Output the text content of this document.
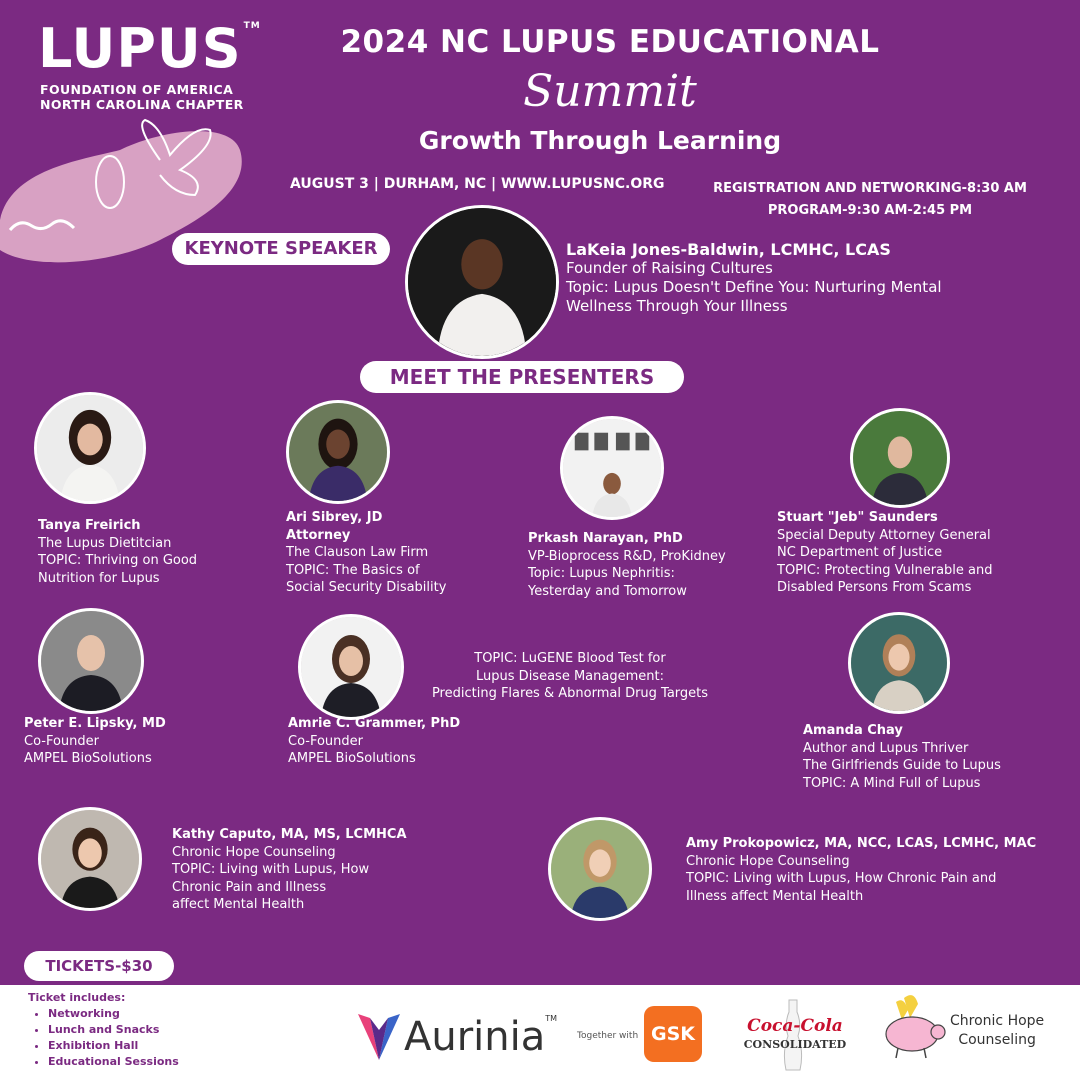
LUPUS ™
FOUNDATION OF AMERICA
NORTH CAROLINA CHAPTER
2024 NC LUPUS EDUCATIONAL
Summit
Growth Through Learning
AUGUST 3 | DURHAM, NC | WWW.LUPUSNC.ORG	REGISTRATION AND NETWORKING-8:30 AM
PROGRAM-9:30 AM-2:45 PM
KEYNOTE SPEAKER	LaKeia Jones-Baldwin, LCMHC, LCAS
Founder of Raising Cultures
Topic: Lupus Doesn't Define You: Nurturing Mental
Wellness Through Your Illness
MEET THE PRESENTERS
Tanya Freirich
The Lupus Dietitcian
TOPIC: Thriving on Good
Nutrition for Lupus
Ari Sibrey, JD
Attorney
The Clauson Law Firm
TOPIC: The Basics of
Social Security Disability
Prkash Narayan, PhD
VP-Bioprocess R&D, ProKidney
Topic: Lupus Nephritis:
Yesterday and Tomorrow
Stuart "Jeb" Saunders
Special Deputy Attorney General
NC Department of Justice
TOPIC: Protecting Vulnerable and
Disabled Persons From Scams
Peter E. Lipsky, MD
Co-Founder
AMPEL BioSolutions
Amrie C. Grammer, PhD
Co-Founder
AMPEL BioSolutions
TOPIC: LuGENE Blood Test for
Lupus Disease Management:
Predicting Flares & Abnormal Drug Targets
Amanda Chay
Author and Lupus Thriver
The Girlfriends Guide to Lupus
TOPIC: A Mind Full of Lupus
Kathy Caputo, MA, MS, LCMHCA
Chronic Hope Counseling
TOPIC: Living with Lupus, How
Chronic Pain and Illness
affect Mental Health
Amy Prokopowicz, MA, NCC, LCAS, LCMHC, MAC
Chronic Hope Counseling
TOPIC: Living with Lupus, How Chronic Pain and
Illness affect Mental Health
TICKETS-$30
Ticket includes:
• Networking
• Lunch and Snacks
• Exhibition Hall
• Educational Sessions
Aurinia™
Together with GSK	Coca-Cola
CONSOLIDATED
Chronic Hope
Counseling
